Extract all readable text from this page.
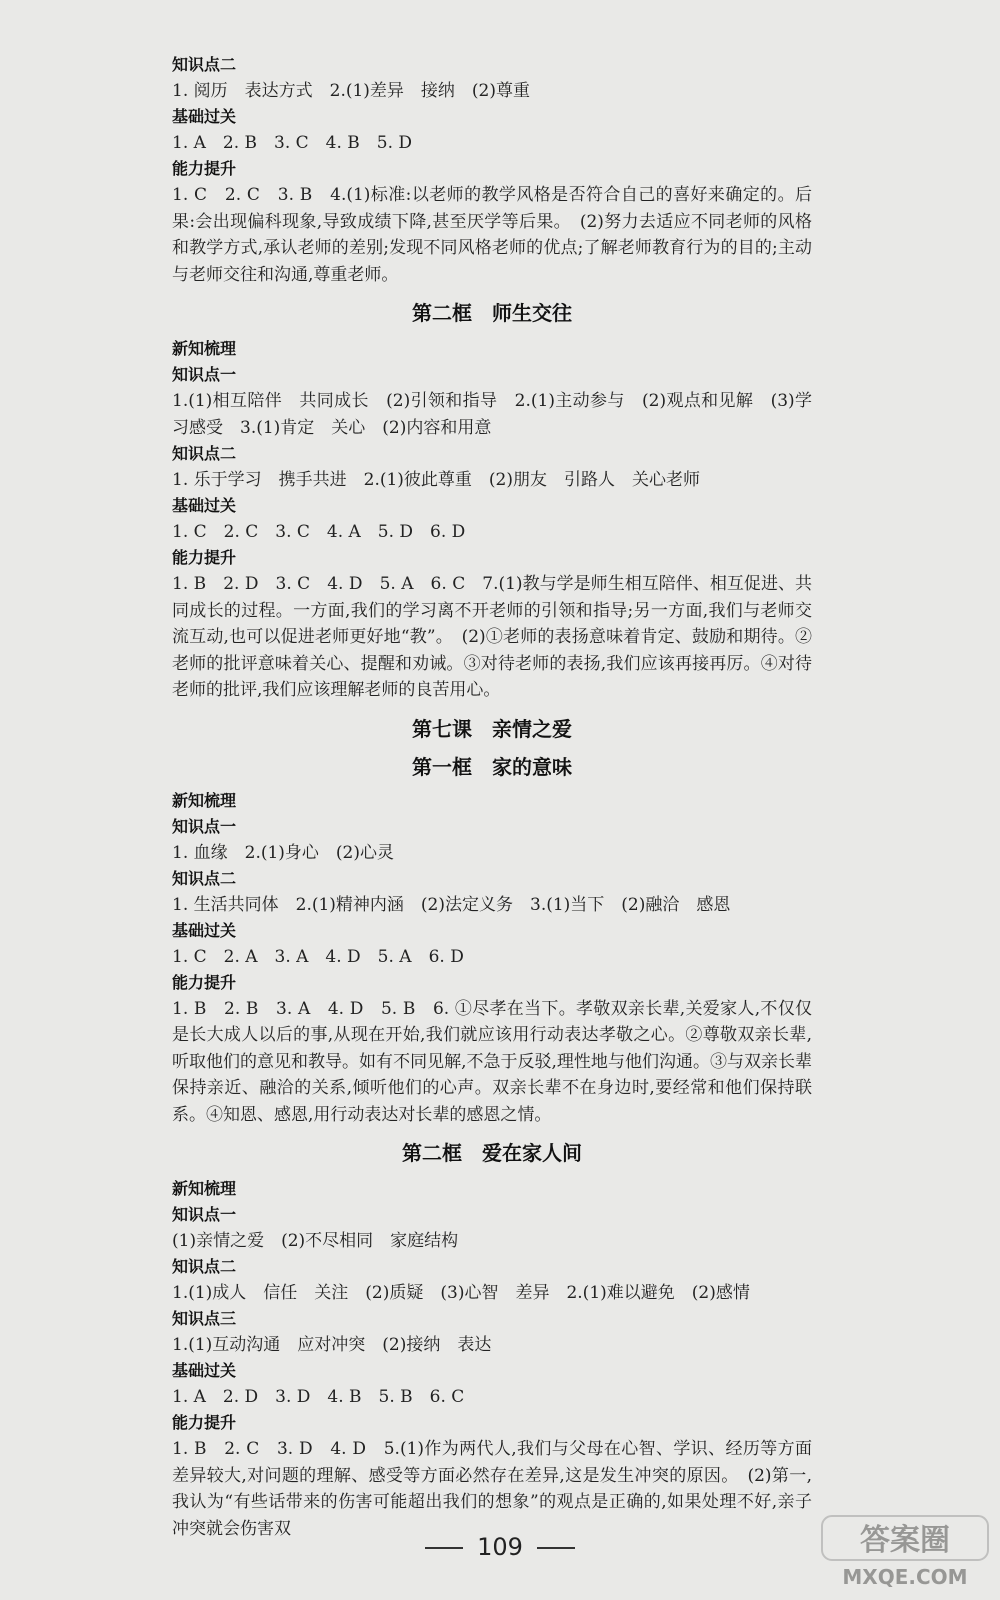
知识点二
1. 阅历　表达方式　2.(1)差异　接纳　(2)尊重
基础过关
1. A　2. B　3. C　4. B　5. D
能力提升
1. C　2. C　3. B　4.(1)标准:以老师的教学风格是否符合自己的喜好来确定的。后果:会出现偏科现象,导致成绩下降,甚至厌学等后果。　(2)努力去适应不同老师的风格和教学方式,承认老师的差别;发现不同风格老师的优点;了解老师教育行为的目的;主动与老师交往和沟通,尊重老师。
第二框　师生交往
新知梳理
知识点一
1.(1)相互陪伴　共同成长　(2)引领和指导　2.(1)主动参与　(2)观点和见解　(3)学习感受　3.(1)肯定　关心　(2)内容和用意
知识点二
1. 乐于学习　携手共进　2.(1)彼此尊重　(2)朋友　引路人　关心老师
基础过关
1. C　2. C　3. C　4. A　5. D　6. D
能力提升
1. B　2. D　3. C　4. D　5. A　6. C　7.(1)教与学是师生相互陪伴、相互促进、共同成长的过程。一方面,我们的学习离不开老师的引领和指导;另一方面,我们与老师交流互动,也可以促进老师更好地“教”。　(2)①老师的表扬意味着肯定、鼓励和期待。②老师的批评意味着关心、提醒和劝诫。③对待老师的表扬,我们应该再接再厉。④对待老师的批评,我们应该理解老师的良苦用心。
第七课　亲情之爱
第一框　家的意味
新知梳理
知识点一
1. 血缘　2.(1)身心　(2)心灵
知识点二
1. 生活共同体　2.(1)精神内涵　(2)法定义务　3.(1)当下　(2)融洽　感恩
基础过关
1. C　2. A　3. A　4. D　5. A　6. D
能力提升
1. B　2. B　3. A　4. D　5. B　6. ①尽孝在当下。孝敬双亲长辈,关爱家人,不仅仅是长大成人以后的事,从现在开始,我们就应该用行动表达孝敬之心。②尊敬双亲长辈,听取他们的意见和教导。如有不同见解,不急于反驳,理性地与他们沟通。③与双亲长辈保持亲近、融洽的关系,倾听他们的心声。双亲长辈不在身边时,要经常和他们保持联系。④知恩、感恩,用行动表达对长辈的感恩之情。
第二框　爱在家人间
新知梳理
知识点一
(1)亲情之爱　(2)不尽相同　家庭结构
知识点二
1.(1)成人　信任　关注　(2)质疑　(3)心智　差异　2.(1)难以避免　(2)感情
知识点三
1.(1)互动沟通　应对冲突　(2)接纳　表达
基础过关
1. A　2. D　3. D　4. B　5. B　6. C
能力提升
1. B　2. C　3. D　4. D　5.(1)作为两代人,我们与父母在心智、学识、经历等方面差异较大,对问题的理解、感受等方面必然存在差异,这是发生冲突的原因。　(2)第一,我认为“有些话带来的伤害可能超出我们的想象”的观点是正确的,如果处理不好,亲子冲突就会伤害双
109	答案圈
MXQE.COM
